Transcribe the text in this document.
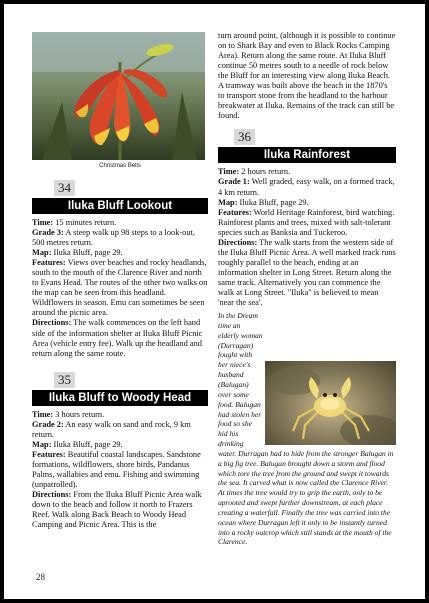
Christmas Bells
34
Iluka Bluff Lookout

Time: 15 minutes return.

Grade 3: A steep walk up 98 steps to a look-out, 500 metres return.

Map: Iluka Bluff, page 29.

Features: Views over beaches and rocky headlands, south to the mouth of the Clarence River and north to Evans Head. The routes of the other two walks on the map can be seen from this headland. Wildflowers in season. Emu can sometimes be seen around the picnic area.

Directions: The walk commences on the left hand side of the information shelter at Iluka Bluff Picnic Area (vehicle entry fee). Walk up the headland and return along the same route.

35
Iluka Bluff to Woody Head

Time: 3 hours return.

Grade 2: An easy walk on sand and rock, 9 km return.

Map: Iluka Bluff, page 29.

Features: Beautiful coastal landscapes. Sandstone formations, wildflowers, shore birds, Pandanus Palms, wallabies and emu. Fishing and swimming (unpatrolled).

Directions: From the Iluka Bluff Picnic Area walk down to the beach and follow it north to Frazers Reef. Walk along Back Beach to Woody Head Camping and Picnic Area. This is the

turn around point, (although it is possible to continue on to Shark Bay and even to Black Rocks Camping Area). Return along the same route. At Iluka Bluff continue 50 metres south to a needle of rock below the Bluff for an interesting view along Iluka Beach. A tramway was built above the beach in the 1870's to transport stone from the headland to the harbour breakwater at Iluka. Remains of the track can still be found.

36
Iluka Rainforest

Time: 2 hours return.

Grade 1: Well graded, easy walk, on a formed track, 4 km return.

Map: Iluka Bluff, page 29.

Features: World Heritage Rainforest, bird watching. Rainforest plants and trees, mixed with salt-tolerant species such as Banksia and Tuckeroo.

Directions: The walk starts from the western side of the Iluka Bluff Picnic Area. A well marked track runs roughly parallel to the beach, ending at an information shelter in Long Street. Return along the same track. Alternatively you can commence the walk at Long Street. "Iluka" is believed to mean 'near the sea'.

In the Dream time an elderly woman (Durragan) fought with her niece's husband (Balugan) over some food. Balugan had stolen her food so she hid his drinking water. Durragan had to hide from the stronger Balugan in a big fig tree. Balugan brought down a storm and flood which tore the tree from the ground and swept it towards the sea. It carved what is now called the Clarence River. At times the tree would try to grip the earth, only to be uprooted and swept further downstream, at each place creating a waterfall. Finally the tree was carried into the ocean where Durragan left it only to be instantly turned into a rocky outcrop which still stands at the mouth of the Clarence.
28
